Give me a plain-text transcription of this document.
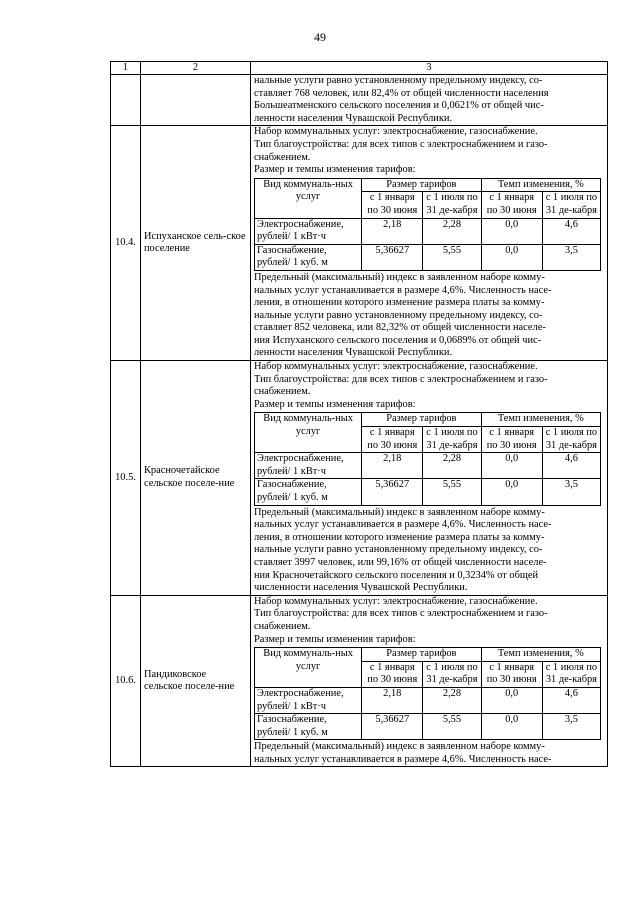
49
1	2	3

нальные услуги равно установленному предельному индексу, со-
ставляет 768 человек, или 82,4% от общей численности населения
Большеатменского сельского поселения и 0,0621% от общей чис-
ленности населения Чувашской Республики.

10.4.	Испуханское сель-ское поселение	
Набор коммунальных услуг: электроснабжение, газоснабжение.
Тип благоустройства: для всех типов с электроснабжением и газо-
снабжением.
Размер и темпы изменения тарифов:
Вид коммуналь-ных услуг	Размер тарифов	Темп изменения, %
с 1 января по 30 июня	с 1 июля по 31 де-кабря	с 1 января по 30 июня	с 1 июля по 31 де-кабря
Электроснабжение, рублей/ 1 кВт·ч	2,18	2,28	0,0	4,6
Газоснабжение, рублей/ 1 куб. м	5,36627	5,55	0,0	3,5
Предельный (максимальный) индекс в заявленном наборе комму-
нальных услуг устанавливается в размере 4,6%. Численность насе-
ления, в отношении которого изменение размера платы за комму-
нальные услуги равно установленному предельному индексу, со-
ставляет 852 человека, или 82,32% от общей численности населе-
ния Испуханского сельского поселения и 0,0689% от общей чис-
ленности населения Чувашской Республики.

10.5.	Красночетайское сельское поселе-ние	
Набор коммунальных услуг: электроснабжение, газоснабжение.
Тип благоустройства: для всех типов с электроснабжением и газо-
снабжением.
Размер и темпы изменения тарифов:
Вид коммуналь-ных услуг	Размер тарифов	Темп изменения, %
с 1 января по 30 июня	с 1 июля по 31 де-кабря	с 1 января по 30 июня	с 1 июля по 31 де-кабря
Электроснабжение, рублей/ 1 кВт·ч	2,18	2,28	0,0	4,6
Газоснабжение, рублей/ 1 куб. м	5,36627	5,55	0,0	3,5
Предельный (максимальный) индекс в заявленном наборе комму-
нальных услуг устанавливается в размере 4,6%. Численность насе-
ления, в отношении которого изменение размера платы за комму-
нальные услуги равно установленному предельному индексу, со-
ставляет 3997 человек, или 99,16% от общей численности населе-
ния Красночетайского сельского поселения и 0,3234% от общей
численности населения Чувашской Республики.

10.6.	Пандиковское сельское поселе-ние	
Набор коммунальных услуг: электроснабжение, газоснабжение.
Тип благоустройства: для всех типов с электроснабжением и газо-
снабжением.
Размер и темпы изменения тарифов:
Вид коммуналь-ных услуг	Размер тарифов	Темп изменения, %
с 1 января по 30 июня	с 1 июля по 31 де-кабря	с 1 января по 30 июня	с 1 июля по 31 де-кабря
Электроснабжение, рублей/ 1 кВт·ч	2,18	2,28	0,0	4,6
Газоснабжение, рублей/ 1 куб. м	5,36627	5,55	0,0	3,5
Предельный (максимальный) индекс в заявленном наборе комму-
нальных услуг устанавливается в размере 4,6%. Численность насе-
